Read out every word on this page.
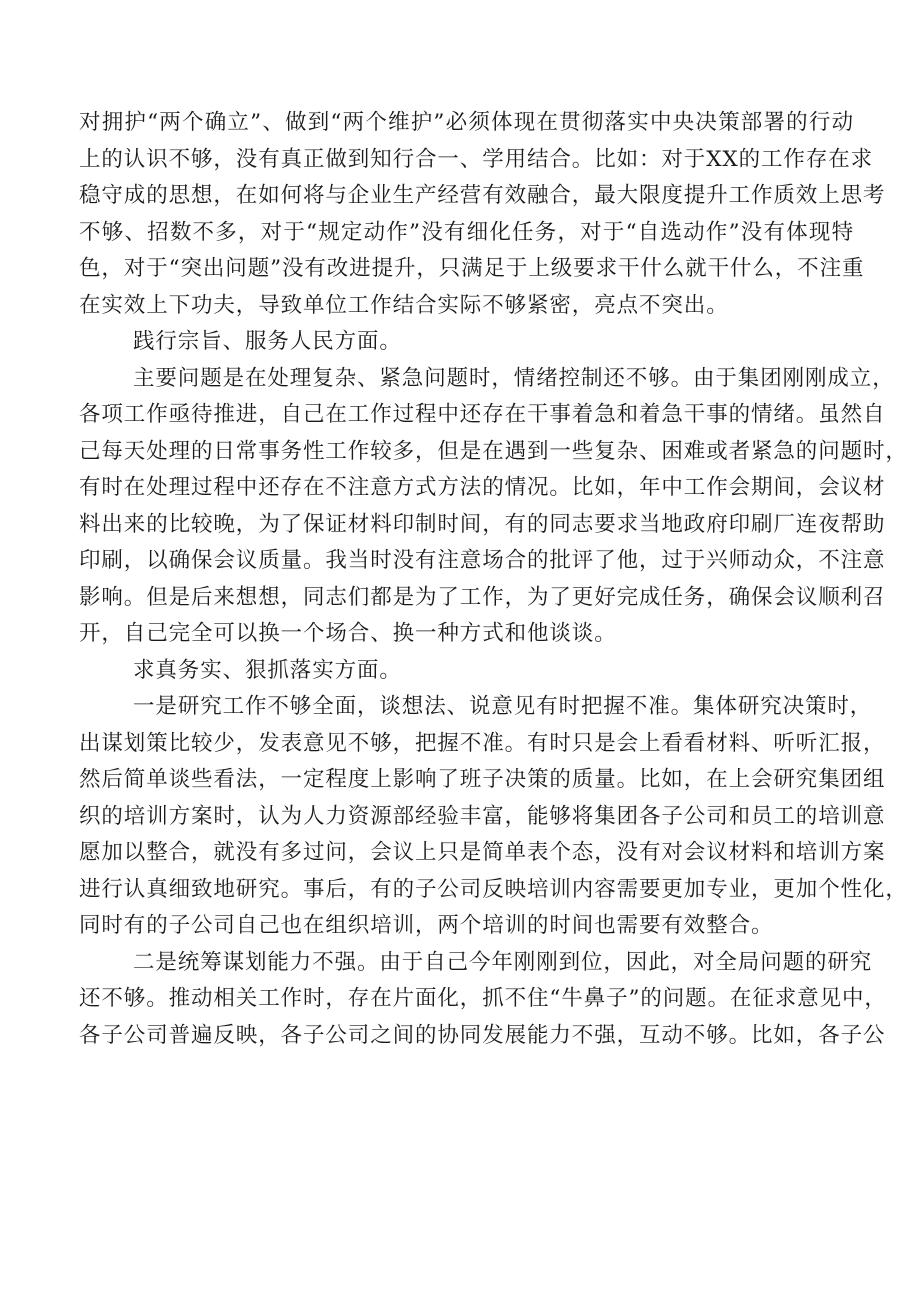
对拥护“两个确立”、做到“两个维护”必须体现在贯彻落实中央决策部署的行动
上的认识不够，没有真正做到知行合一、学用结合。比如：对于XX的工作存在求
稳守成的思想，在如何将与企业生产经营有效融合，最大限度提升工作质效上思考
不够、招数不多，对于“规定动作”没有细化任务，对于“自选动作”没有体现特
色，对于“突出问题”没有改进提升，只满足于上级要求干什么就干什么，不注重
在实效上下功夫，导致单位工作结合实际不够紧密，亮点不突出。
践行宗旨、服务人民方面。
主要问题是在处理复杂、紧急问题时，情绪控制还不够。由于集团刚刚成立，
各项工作亟待推进，自己在工作过程中还存在干事着急和着急干事的情绪。虽然自
己每天处理的日常事务性工作较多，但是在遇到一些复杂、困难或者紧急的问题时，
有时在处理过程中还存在不注意方式方法的情况。比如，年中工作会期间，会议材
料出来的比较晚，为了保证材料印制时间，有的同志要求当地政府印刷厂连夜帮助
印刷，以确保会议质量。我当时没有注意场合的批评了他，过于兴师动众，不注意
影响。但是后来想想，同志们都是为了工作，为了更好完成任务，确保会议顺利召
开，自己完全可以换一个场合、换一种方式和他谈谈。
求真务实、狠抓落实方面。
一是研究工作不够全面，谈想法、说意见有时把握不准。集体研究决策时，
出谋划策比较少，发表意见不够，把握不准。有时只是会上看看材料、听听汇报，
然后简单谈些看法，一定程度上影响了班子决策的质量。比如，在上会研究集团组
织的培训方案时，认为人力资源部经验丰富，能够将集团各子公司和员工的培训意
愿加以整合，就没有多过问，会议上只是简单表个态，没有对会议材料和培训方案
进行认真细致地研究。事后，有的子公司反映培训内容需要更加专业，更加个性化，
同时有的子公司自己也在组织培训，两个培训的时间也需要有效整合。
二是统筹谋划能力不强。由于自己今年刚刚到位，因此，对全局问题的研究
还不够。推动相关工作时，存在片面化，抓不住“牛鼻子”的问题。在征求意见中，
各子公司普遍反映，各子公司之间的协同发展能力不强，互动不够。比如，各子公
